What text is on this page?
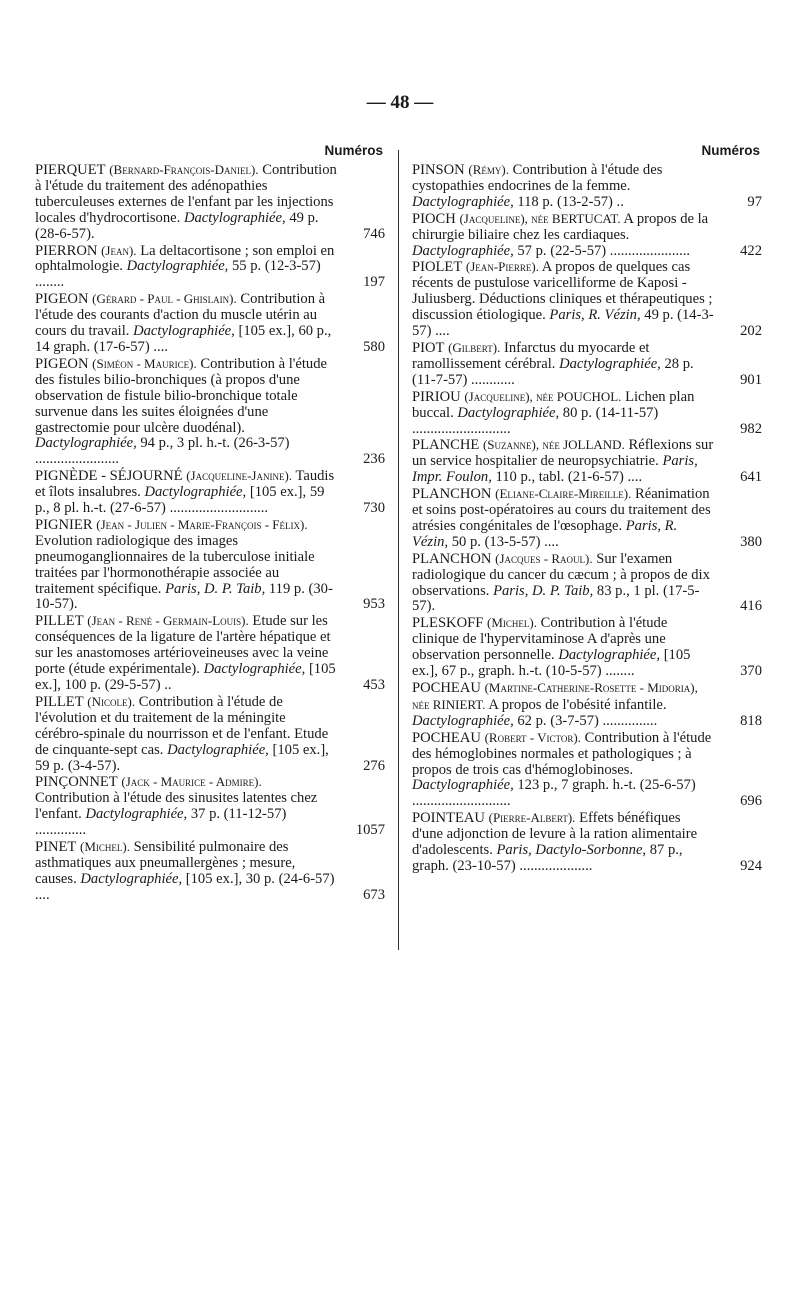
— 48 —
Numéros
PIERQUET (Bernard-François-Daniel). Contribution à l'étude du traitement des adénopathies tuberculeuses externes de l'enfant par les injections locales d'hydrocortisone. Dactylographiée, 49 p. (28-6-57).	746
PIERRON (Jean). La deltacortisone ; son emploi en ophtalmologie. Dactylographiée, 55 p. (12-3-57) ........	197
PIGEON (Gérard - Paul - Ghislain). Contribution à l'étude des courants d'action du muscle utérin au cours du travail. Dactylographiée, [105 ex.], 60 p., 14 graph. (17-6-57) ....	580
PIGEON (Siméon - Maurice). Contribution à l'étude des fistules bilio-bronchiques (à propos d'une observation de fistule bilio-bronchique totale survenue dans les suites éloignées d'une gastrectomie pour ulcère duodénal). Dactylographiée, 94 p., 3 pl. h.-t. (26-3-57) .......................	236
PIGNÈDE - SÉJOURNÉ (Jacqueline-Janine). Taudis et îlots insalubres. Dactylographiée, [105 ex.], 59 p., 8 pl. h.-t. (27-6-57) ...........................	730
PIGNIER (Jean - Julien - Marie-François - Félix). Evolution radiologique des images pneumoganglionnaires de la tuberculose initiale traitées par l'hormonothérapie associée au traitement spécifique. Paris, D. P. Taib, 119 p. (30-10-57).	953
PILLET (Jean - René - Germain-Louis). Etude sur les conséquences de la ligature de l'artère hépatique et sur les anastomoses artérioveineuses avec la veine porte (étude expérimentale). Dactylographiée, [105 ex.], 100 p. (29-5-57) ..	453
PILLET (Nicole). Contribution à l'étude de l'évolution et du traitement de la méningite cérébro-spinale du nourrisson et de l'enfant. Etude de cinquante-sept cas. Dactylographiée, [105 ex.], 59 p. (3-4-57).	276
PINÇONNET (Jack - Maurice - Admire). Contribution à l'étude des sinusites latentes chez l'enfant. Dactylographiée, 37 p. (11-12-57) ..............	1057
PINET (Michel). Sensibilité pulmonaire des asthmatiques aux pneumallergènes ; mesure, causes. Dactylographiée, [105 ex.], 30 p. (24-6-57) ....	673
Numéros
PINSON (Rémy). Contribution à l'étude des cystopathies endocrines de la femme. Dactylographiée, 118 p. (13-2-57) ..	97
PIOCH (Jacqueline), née BERTUCAT. A propos de la chirurgie biliaire chez les cardiaques. Dactylographiée, 57 p. (22-5-57) ......................	422
PIOLET (Jean-Pierre). A propos de quelques cas récents de pustulose varicelliforme de Kaposi - Juliusberg. Déductions cliniques et thérapeutiques ; discussion étiologique. Paris, R. Vézin, 49 p. (14-3-57) ....	202
PIOT (Gilbert). Infarctus du myocarde et ramollissement cérébral. Dactylographiée, 28 p. (11-7-57) ............	901
PIRIOU (Jacqueline), née POUCHOL. Lichen plan buccal. Dactylographiée, 80 p. (14-11-57) ...........................	982
PLANCHE (Suzanne), née JOLLAND. Réflexions sur un service hospitalier de neuropsychiatrie. Paris, Impr. Foulon, 110 p., tabl. (21-6-57) ....	641
PLANCHON (Eliane-Claire-Mireille). Réanimation et soins post-opératoires au cours du traitement des atrésies congénitales de l'œsophage. Paris, R. Vézin, 50 p. (13-5-57) ....	380
PLANCHON (Jacques - Raoul). Sur l'examen radiologique du cancer du cæcum ; à propos de dix observations. Paris, D. P. Taib, 83 p., 1 pl. (17-5-57).	416
PLESKOFF (Michel). Contribution à l'étude clinique de l'hypervitaminose A d'après une observation personnelle. Dactylographiée, [105 ex.], 67 p., graph. h.-t. (10-5-57) ........	370
POCHEAU (Martine-Catherine-Rosette - Midoria), née RINIERT. A propos de l'obésité infantile. Dactylographiée, 62 p. (3-7-57) ...............	818
POCHEAU (Robert - Victor). Contribution à l'étude des hémoglobines normales et pathologiques ; à propos de trois cas d'hémoglobinoses. Dactylographiée, 123 p., 7 graph. h.-t. (25-6-57) ...........................	696
POINTEAU (Pierre-Albert). Effets bénéfiques d'une adjonction de levure à la ration alimentaire d'adolescents. Paris, Dactylo-Sorbonne, 87 p., graph. (23-10-57) ....................	924
